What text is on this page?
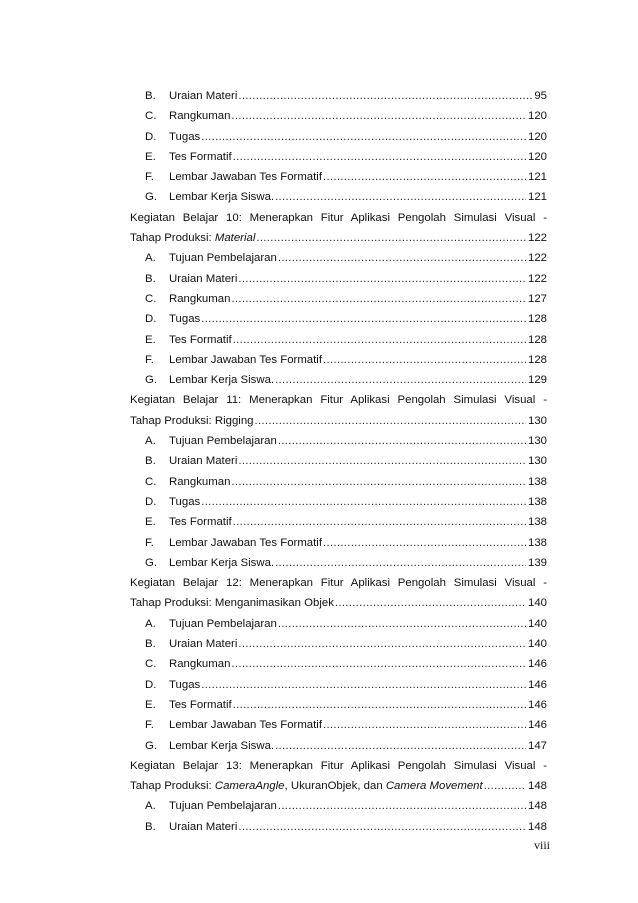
B.	Uraian Materi .....	95
C.	Rangkuman .....	120
D.	Tugas .....	120
E.	Tes Formatif .....	120
F.	Lembar Jawaban Tes Formatif .....	121
G.	Lembar Kerja Siswa. .....	121
Kegiatan Belajar 10: Menerapkan Fitur Aplikasi Pengolah Simulasi Visual -
Tahap Produksi: Material .....	122
A.	Tujuan Pembelajaran .....	122
B.	Uraian Materi .....	122
C.	Rangkuman .....	127
D.	Tugas .....	128
E.	Tes Formatif .....	128
F.	Lembar Jawaban Tes Formatif .....	128
G.	Lembar Kerja Siswa. .....	129
Kegiatan Belajar 11: Menerapkan Fitur Aplikasi Pengolah Simulasi Visual -
Tahap Produksi: Rigging .....	130
A.	Tujuan Pembelajaran .....	130
B.	Uraian Materi .....	130
C.	Rangkuman .....	138
D.	Tugas .....	138
E.	Tes Formatif .....	138
F.	Lembar Jawaban Tes Formatif .....	138
G.	Lembar Kerja Siswa. .....	139
Kegiatan Belajar 12: Menerapkan Fitur Aplikasi Pengolah Simulasi Visual -
Tahap Produksi: Menganimasikan Objek .....	140
A.	Tujuan Pembelajaran .....	140
B.	Uraian Materi .....	140
C.	Rangkuman .....	146
D.	Tugas .....	146
E.	Tes Formatif .....	146
F.	Lembar Jawaban Tes Formatif .....	146
G.	Lembar Kerja Siswa. .....	147
Kegiatan Belajar 13: Menerapkan Fitur Aplikasi Pengolah Simulasi Visual -
Tahap Produksi: CameraAngle, UkuranObjek, dan Camera Movement .....	148
A.	Tujuan Pembelajaran .....	148
B.	Uraian Materi .....	148
viii
